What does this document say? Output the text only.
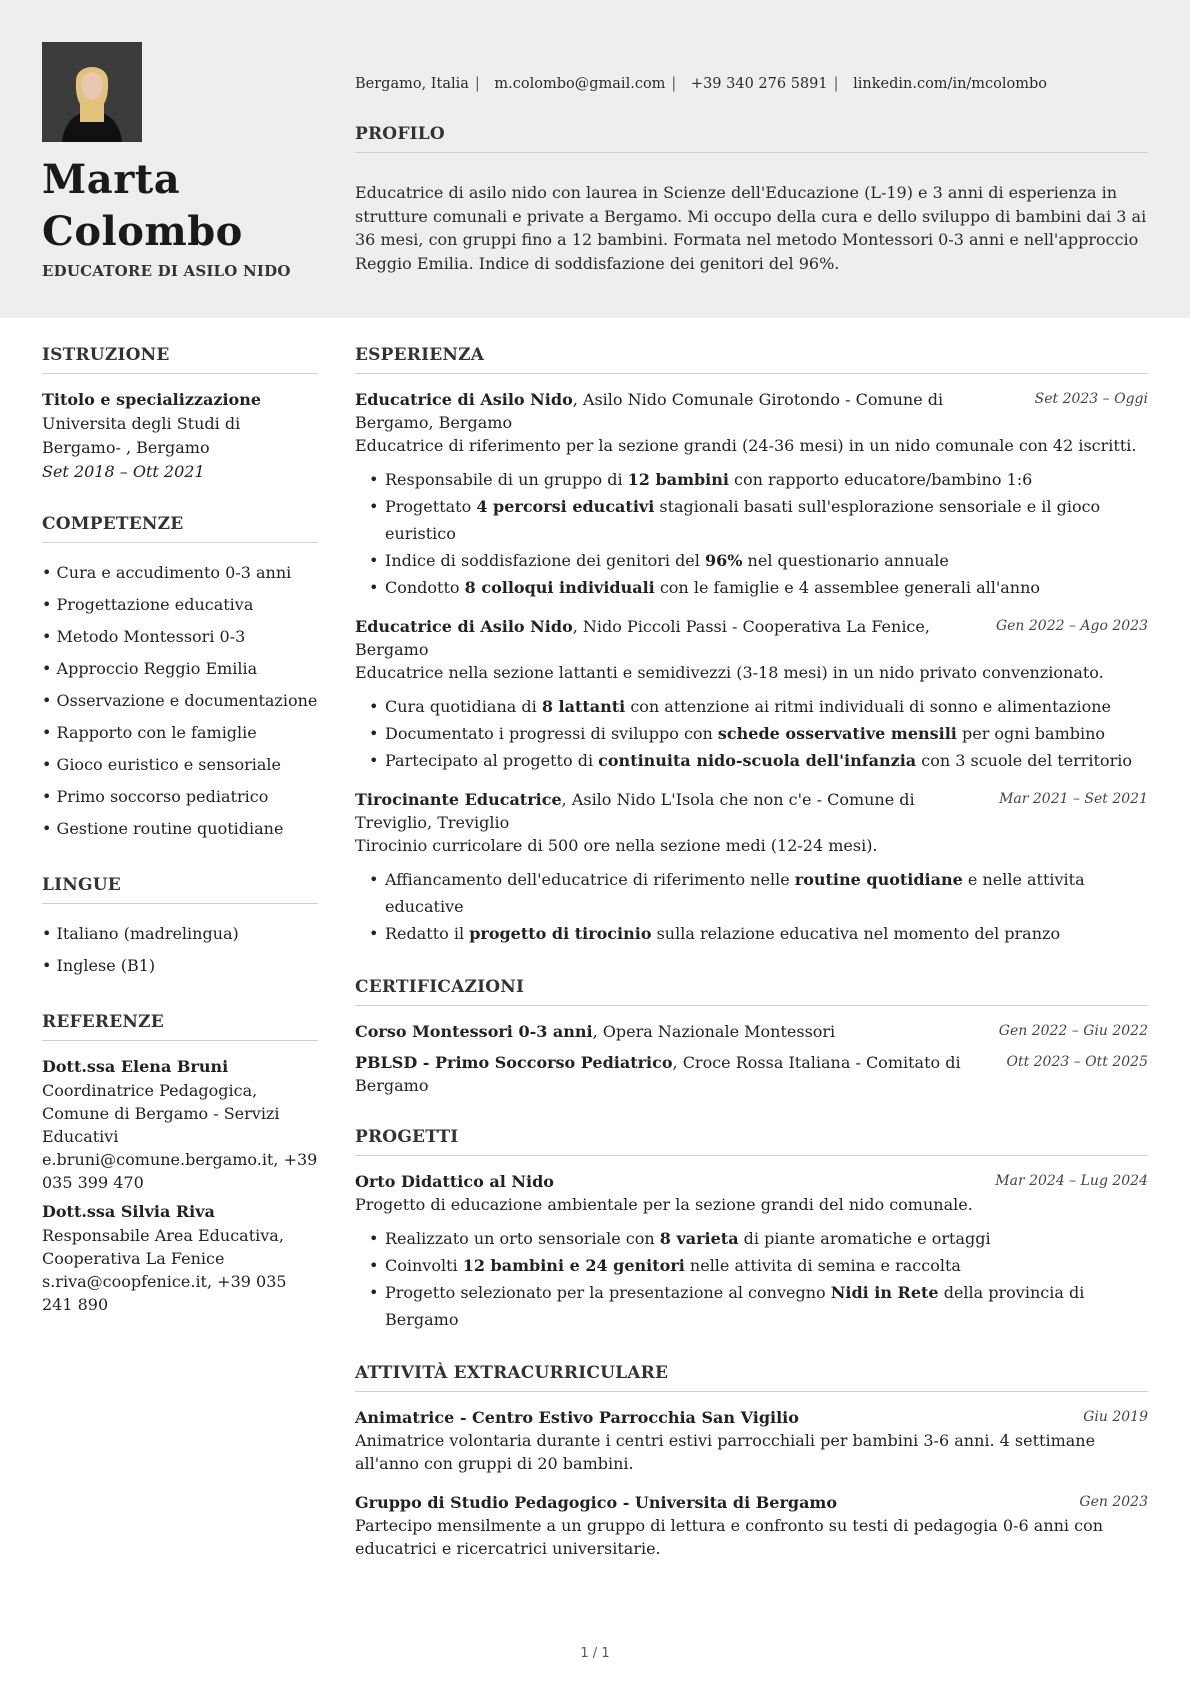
Marta
Colombo
EDUCATORE DI ASILO NIDO
Bergamo, Italia | m.colombo@gmail.com | +39 340 276 5891 | linkedin.com/in/mcolombo
PROFILO
Educatrice di asilo nido con laurea in Scienze dell'Educazione (L-19) e 3 anni di esperienza in strutture comunali e private a Bergamo. Mi occupo della cura e dello sviluppo di bambini dai 3 ai 36 mesi, con gruppi fino a 12 bambini. Formata nel metodo Montessori 0-3 anni e nell'approccio Reggio Emilia. Indice di soddisfazione dei genitori del 96%.
ISTRUZIONE
Titolo e specializzazione
Universita degli Studi di Bergamo- , Bergamo
Set 2018 – Ott 2021
COMPETENZE
• Cura e accudimento 0-3 anni
• Progettazione educativa
• Metodo Montessori 0-3
• Approccio Reggio Emilia
• Osservazione e documentazione
• Rapporto con le famiglie
• Gioco euristico e sensoriale
• Primo soccorso pediatrico
• Gestione routine quotidiane
LINGUE
• Italiano (madrelingua)
• Inglese (B1)
REFERENZE
Dott.ssa Elena Bruni
Coordinatrice Pedagogica, Comune di Bergamo - Servizi Educativi
e.bruni@comune.bergamo.it, +39 035 399 470
Dott.ssa Silvia Riva
Responsabile Area Educativa, Cooperativa La Fenice
s.riva@coopfenice.it, +39 035 241 890
ESPERIENZA
Educatrice di Asilo Nido, Asilo Nido Comunale Girotondo - Comune di Bergamo, Bergamo
Set 2023 – Oggi
Educatrice di riferimento per la sezione grandi (24-36 mesi) in un nido comunale con 42 iscritti.
• Responsabile di un gruppo di 12 bambini con rapporto educatore/bambino 1:6
• Progettato 4 percorsi educativi stagionali basati sull'esplorazione sensoriale e il gioco euristico
• Indice di soddisfazione dei genitori del 96% nel questionario annuale
• Condotto 8 colloqui individuali con le famiglie e 4 assemblee generali all'anno
Educatrice di Asilo Nido, Nido Piccoli Passi - Cooperativa La Fenice, Bergamo
Gen 2022 – Ago 2023
Educatrice nella sezione lattanti e semidivezzi (3-18 mesi) in un nido privato convenzionato.
• Cura quotidiana di 8 lattanti con attenzione ai ritmi individuali di sonno e alimentazione
• Documentato i progressi di sviluppo con schede osservative mensili per ogni bambino
• Partecipato al progetto di continuita nido-scuola dell'infanzia con 3 scuole del territorio
Tirocinante Educatrice, Asilo Nido L'Isola che non c'e - Comune di Treviglio, Treviglio
Mar 2021 – Set 2021
Tirocinio curricolare di 500 ore nella sezione medi (12-24 mesi).
• Affiancamento dell'educatrice di riferimento nelle routine quotidiane e nelle attivita educative
• Redatto il progetto di tirocinio sulla relazione educativa nel momento del pranzo
CERTIFICAZIONI
Corso Montessori 0-3 anni, Opera Nazionale Montessori	Gen 2022 – Giu 2022
PBLSD - Primo Soccorso Pediatrico, Croce Rossa Italiana - Comitato di Bergamo
Ott 2023 – Ott 2025
PROGETTI
Orto Didattico al Nido	Mar 2024 – Lug 2024
Progetto di educazione ambientale per la sezione grandi del nido comunale.
• Realizzato un orto sensoriale con 8 varieta di piante aromatiche e ortaggi
• Coinvolti 12 bambini e 24 genitori nelle attivita di semina e raccolta
• Progetto selezionato per la presentazione al convegno Nidi in Rete della provincia di Bergamo
ATTIVITÀ EXTRACURRICULARE
Animatrice - Centro Estivo Parrocchia San Vigilio	Giu 2019
Animatrice volontaria durante i centri estivi parrocchiali per bambini 3-6 anni. 4 settimane all'anno con gruppi di 20 bambini.
Gruppo di Studio Pedagogico - Universita di Bergamo	Gen 2023
Partecipo mensilmente a un gruppo di lettura e confronto su testi di pedagogia 0-6 anni con educatrici e ricercatrici universitarie.
1 / 1
